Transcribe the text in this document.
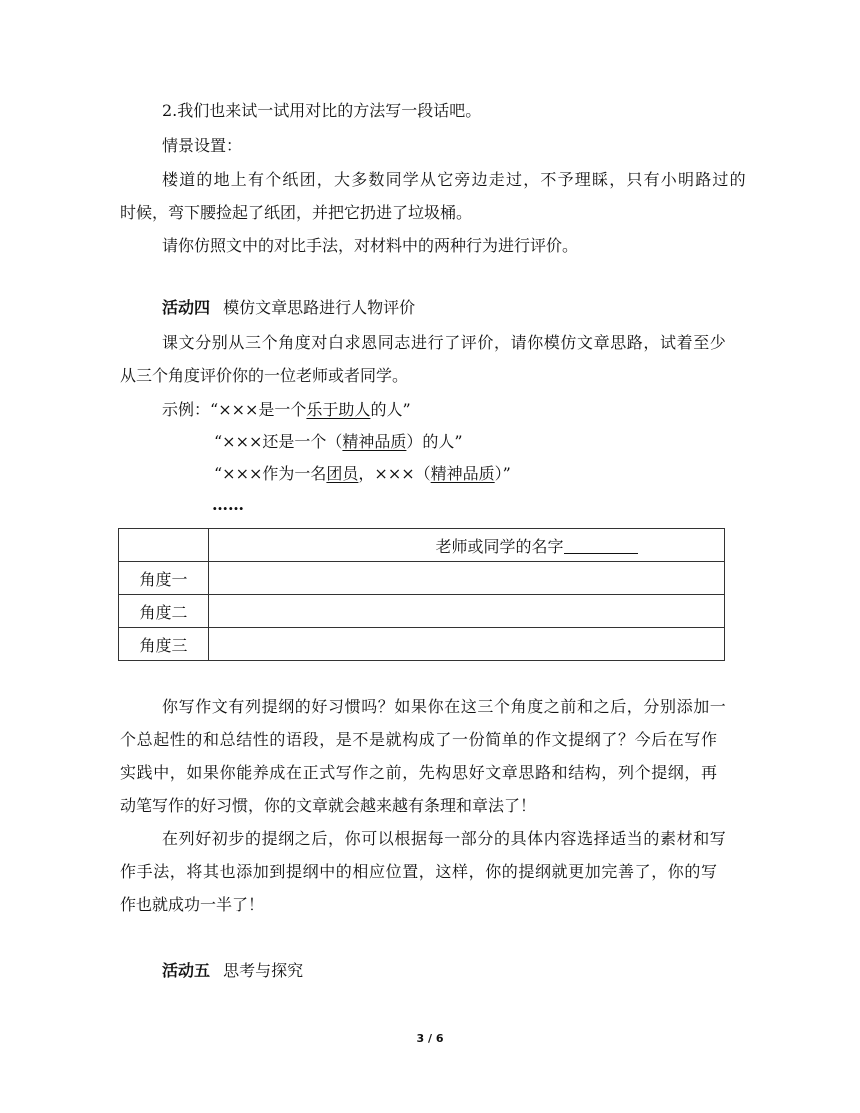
2.我们也来试一试用对比的方法写一段话吧。
情景设置：
楼道的地上有个纸团，大多数同学从它旁边走过，不予理睬，只有小明路过的
时候，弯下腰捡起了纸团，并把它扔进了垃圾桶。
请你仿照文中的对比手法，对材料中的两种行为进行评价。
活动四 模仿文章思路进行人物评价
课文分别从三个角度对白求恩同志进行了评价，请你模仿文章思路，试着至少
从三个角度评价你的一位老师或者同学。
示例：“×××是一个乐于助人的人”
“×××还是一个（精神品质）的人”
“×××作为一名团员，×××（精神品质）”
……
	老师或同学的名字
角度一	
角度二	
角度三	
你写作文有列提纲的好习惯吗？如果你在这三个角度之前和之后，分别添加一
个总起性的和总结性的语段，是不是就构成了一份简单的作文提纲了？今后在写作
实践中，如果你能养成在正式写作之前，先构思好文章思路和结构，列个提纲，再
动笔写作的好习惯，你的文章就会越来越有条理和章法了！
在列好初步的提纲之后，你可以根据每一部分的具体内容选择适当的素材和写
作手法，将其也添加到提纲中的相应位置，这样，你的提纲就更加完善了，你的写
作也就成功一半了！
活动五 思考与探究
3 / 6
